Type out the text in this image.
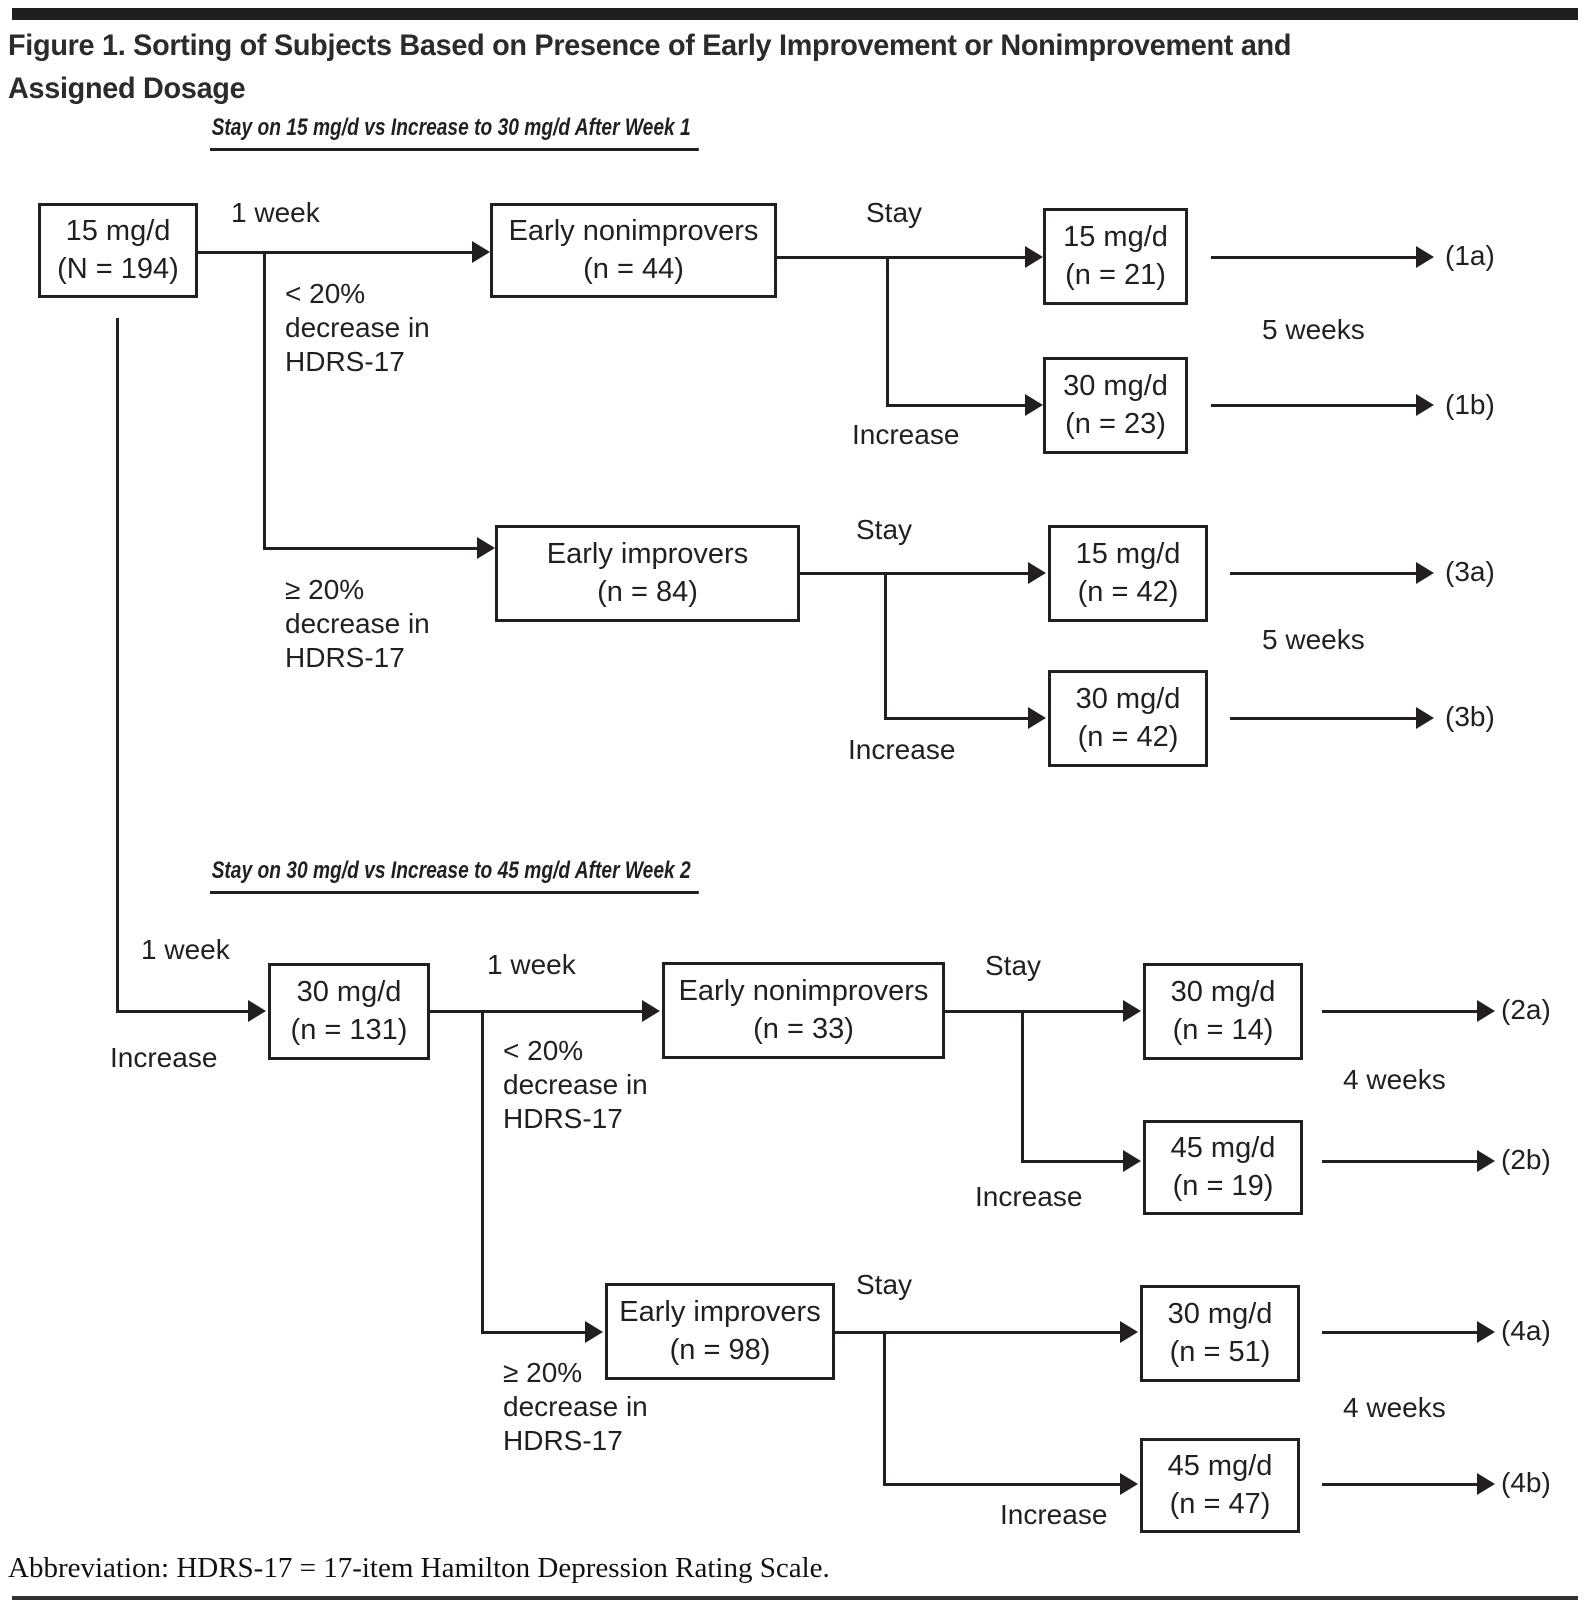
Figure 1. Sorting of Subjects Based on Presence of Early Improvement or Nonimprovement and
Assigned Dosage
Stay on 15 mg/d vs Increase to 30 mg/d After Week 1
15 mg/d
(N = 194)
Early nonimprovers
(n = 44)
15 mg/d
(n = 21)
30 mg/d
(n = 23)
Early improvers
(n = 84)
15 mg/d
(n = 42)
30 mg/d
(n = 42)
1 week
< 20%
decrease in
HDRS-17
≥ 20%
decrease in
HDRS-17
Stay
Increase
5 weeks
(1a)
(1b)
Stay
Increase
5 weeks
(3a)
(3b)
Stay on 30 mg/d vs Increase to 45 mg/d After Week 2
30 mg/d
(n = 131)
Early nonimprovers
(n = 33)
30 mg/d
(n = 14)
45 mg/d
(n = 19)
Early improvers
(n = 98)
30 mg/d
(n = 51)
45 mg/d
(n = 47)
1 week
Increase
1 week
< 20%
decrease in
HDRS-17
≥ 20%
decrease in
HDRS-17
Stay
Increase
4 weeks
(2a)
(2b)
Stay
Increase
4 weeks
(4a)
(4b)
Abbreviation: HDRS-17 = 17-item Hamilton Depression Rating Scale.
